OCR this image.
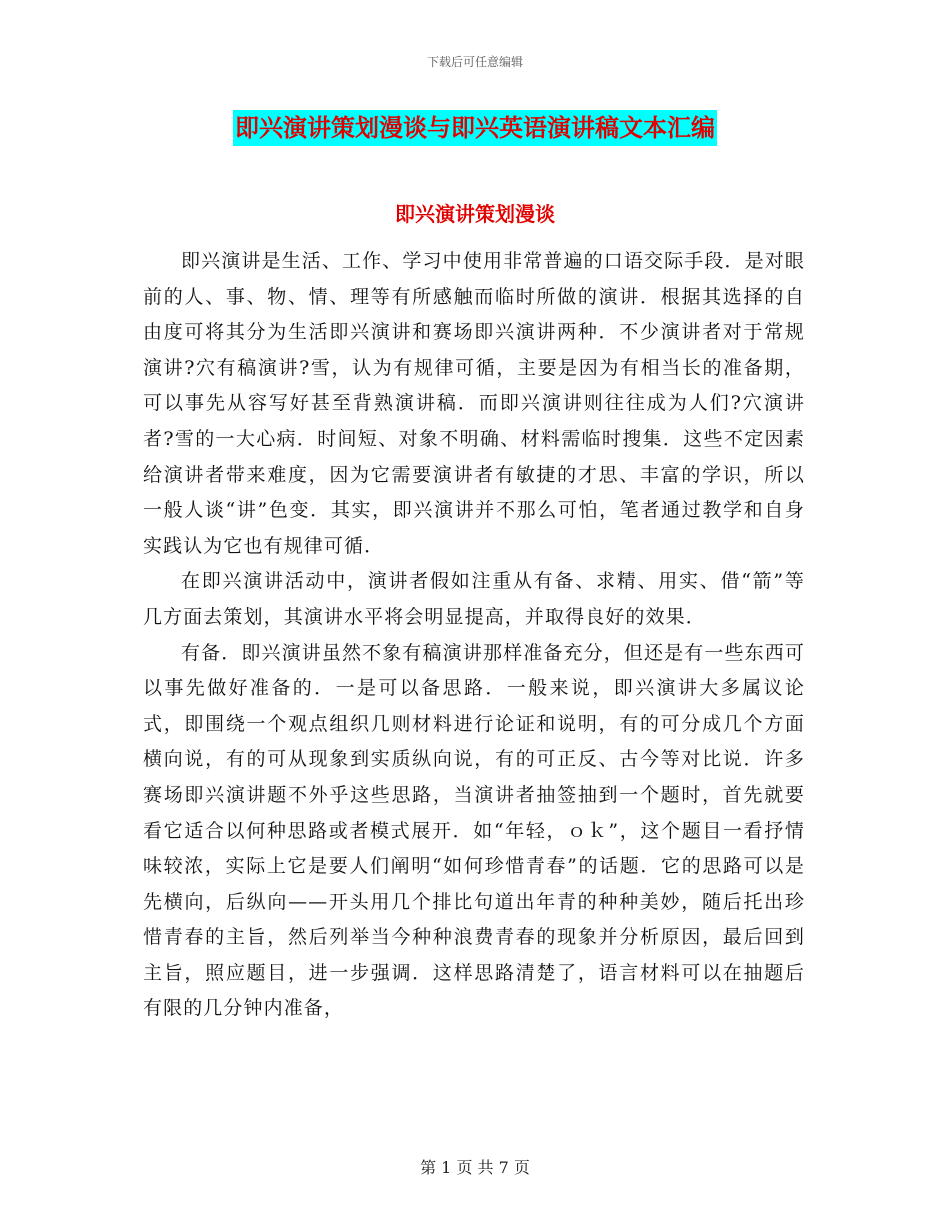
下载后可任意编辑
即兴演讲策划漫谈与即兴英语演讲稿文本汇编
即兴演讲策划漫谈

即兴演讲是生活、工作、学习中使用非常普遍的口语交际手段．是对眼前的人、事、物、情、理等有所感触而临时所做的演讲．根据其选择的自由度可将其分为生活即兴演讲和赛场即兴演讲两种．不少演讲者对于常规演讲?穴有稿演讲?雪，认为有规律可循，主要是因为有相当长的准备期，可以事先从容写好甚至背熟演讲稿．而即兴演讲则往往成为人们?穴演讲者?雪的一大心病．时间短、对象不明确、材料需临时搜集．这些不定因素给演讲者带来难度，因为它需要演讲者有敏捷的才思、丰富的学识，所以一般人谈“讲”色变．其实，即兴演讲并不那么可怕，笔者通过教学和自身实践认为它也有规律可循．

在即兴演讲活动中，演讲者假如注重从有备、求精、用实、借“箭”等几方面去策划，其演讲水平将会明显提高，并取得良好的效果．

有备．即兴演讲虽然不象有稿演讲那样准备充分，但还是有一些东西可以事先做好准备的．一是可以备思路．一般来说，即兴演讲大多属议论式，即围绕一个观点组织几则材料进行论证和说明，有的可分成几个方面横向说，有的可从现象到实质纵向说，有的可正反、古今等对比说．许多赛场即兴演讲题不外乎这些思路，当演讲者抽签抽到一个题时，首先就要看它适合以何种思路或者模式展开．如“年轻，ｏｋ”，这个题目一看抒情味较浓，实际上它是要人们阐明“如何珍惜青春”的话题．它的思路可以是先横向，后纵向——开头用几个排比句道出年青的种种美妙，随后托出珍惜青春的主旨，然后列举当今种种浪费青春的现象并分析原因，最后回到主旨，照应题目，进一步强调．这样思路清楚了，语言材料可以在抽题后有限的几分钟内准备，

第 1 页 共 7 页
